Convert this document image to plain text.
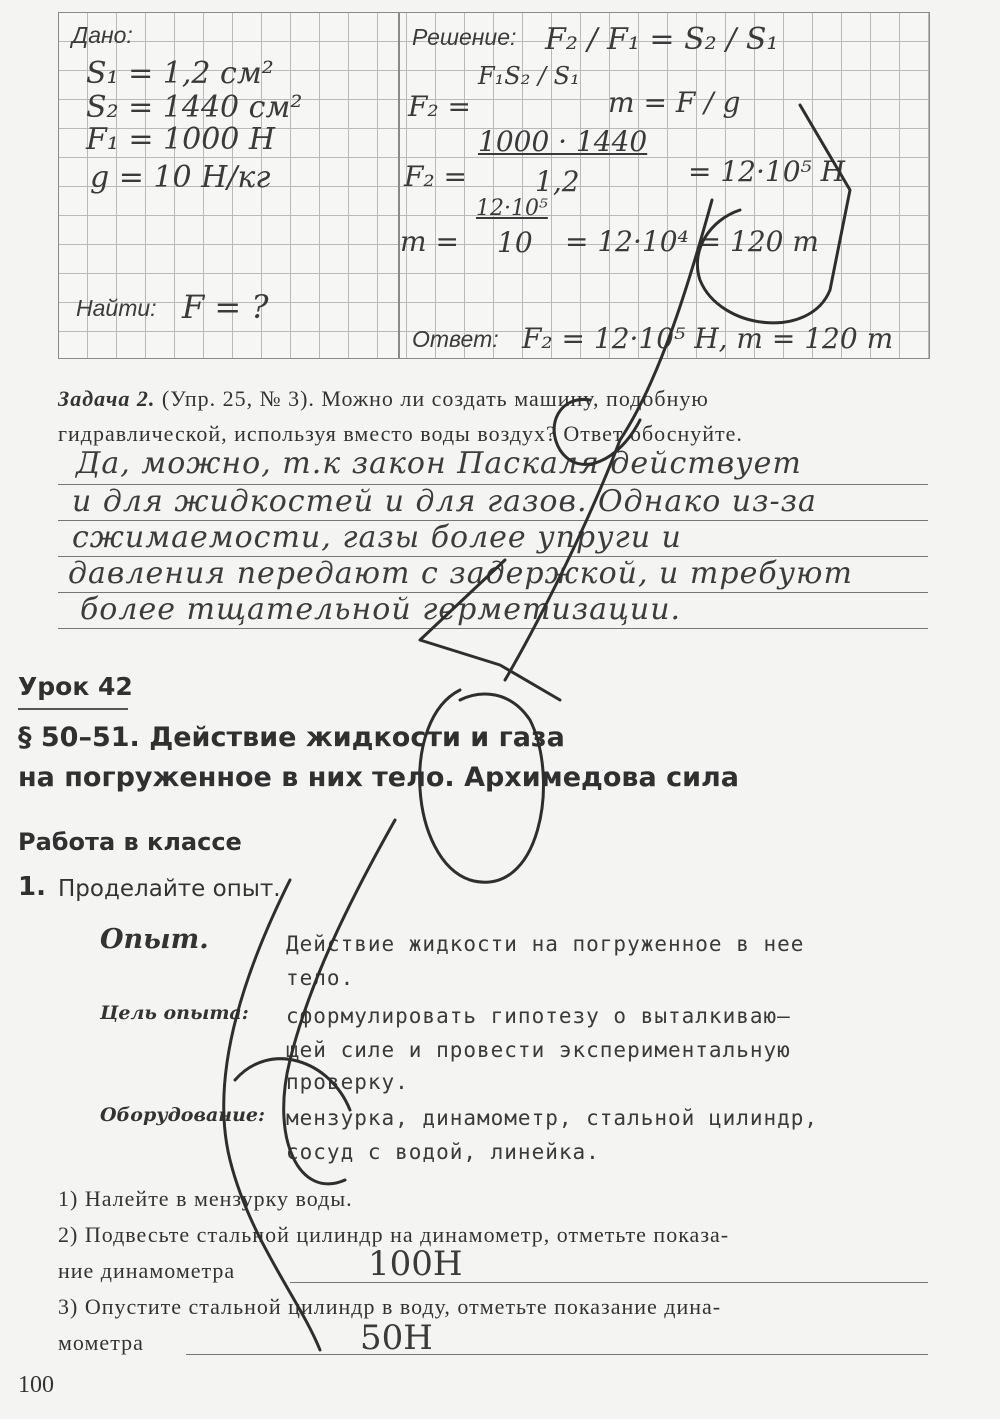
Дано:	Решение:
Найти:
Ответ:
S₁ = 1,2 см²
S₂ = 1440 см²
F₁ = 1000 Н
g = 10 Н/кг
F = ?
F₂ / F₁ = S₂ / S₁
F₂ =
F₁S₂ / S₁
m = F / g
F₂ =
1000 · 1440
1,2	= 12·10⁵ Н
m =
12·10⁵
10 = 12·10⁴ = 120 т
F₂ = 12·10⁵ Н, m = 120 т
Задача 2. (Упр. 25, № 3). Можно ли создать машину, подобную
гидравлической, используя вместо воды воздух? Ответ обоснуйте.
Да, можно, т.к закон Паскаля действует
и для жидкостей и для газов. Однако из-за
сжимаемости, газы более упруги и
давления передают с задержкой, и требуют
более тщательной герметизации.
Урок 42
§ 50–51. Действие жидкости и газа
на погруженное в них тело. Архимедова сила
Работа в классе
1. Проделайте опыт.
Опыт.	Действие жидкости на погруженное в нее
тело.
Цель опыта: сформулировать гипотезу о выталкиваю–
щей силе и провести экспериментальную
проверку.
Оборудование: мензурка, динамометр, стальной цилиндр,
сосуд с водой, линейка.
1) Налейте в мензурку воды.
2) Подвесьте стальной цилиндр на динамометр, отметьте показа-
ние динамометра	100Н
3) Опустите стальной цилиндр в воду, отметьте показание дина-
мометра	50Н
100
